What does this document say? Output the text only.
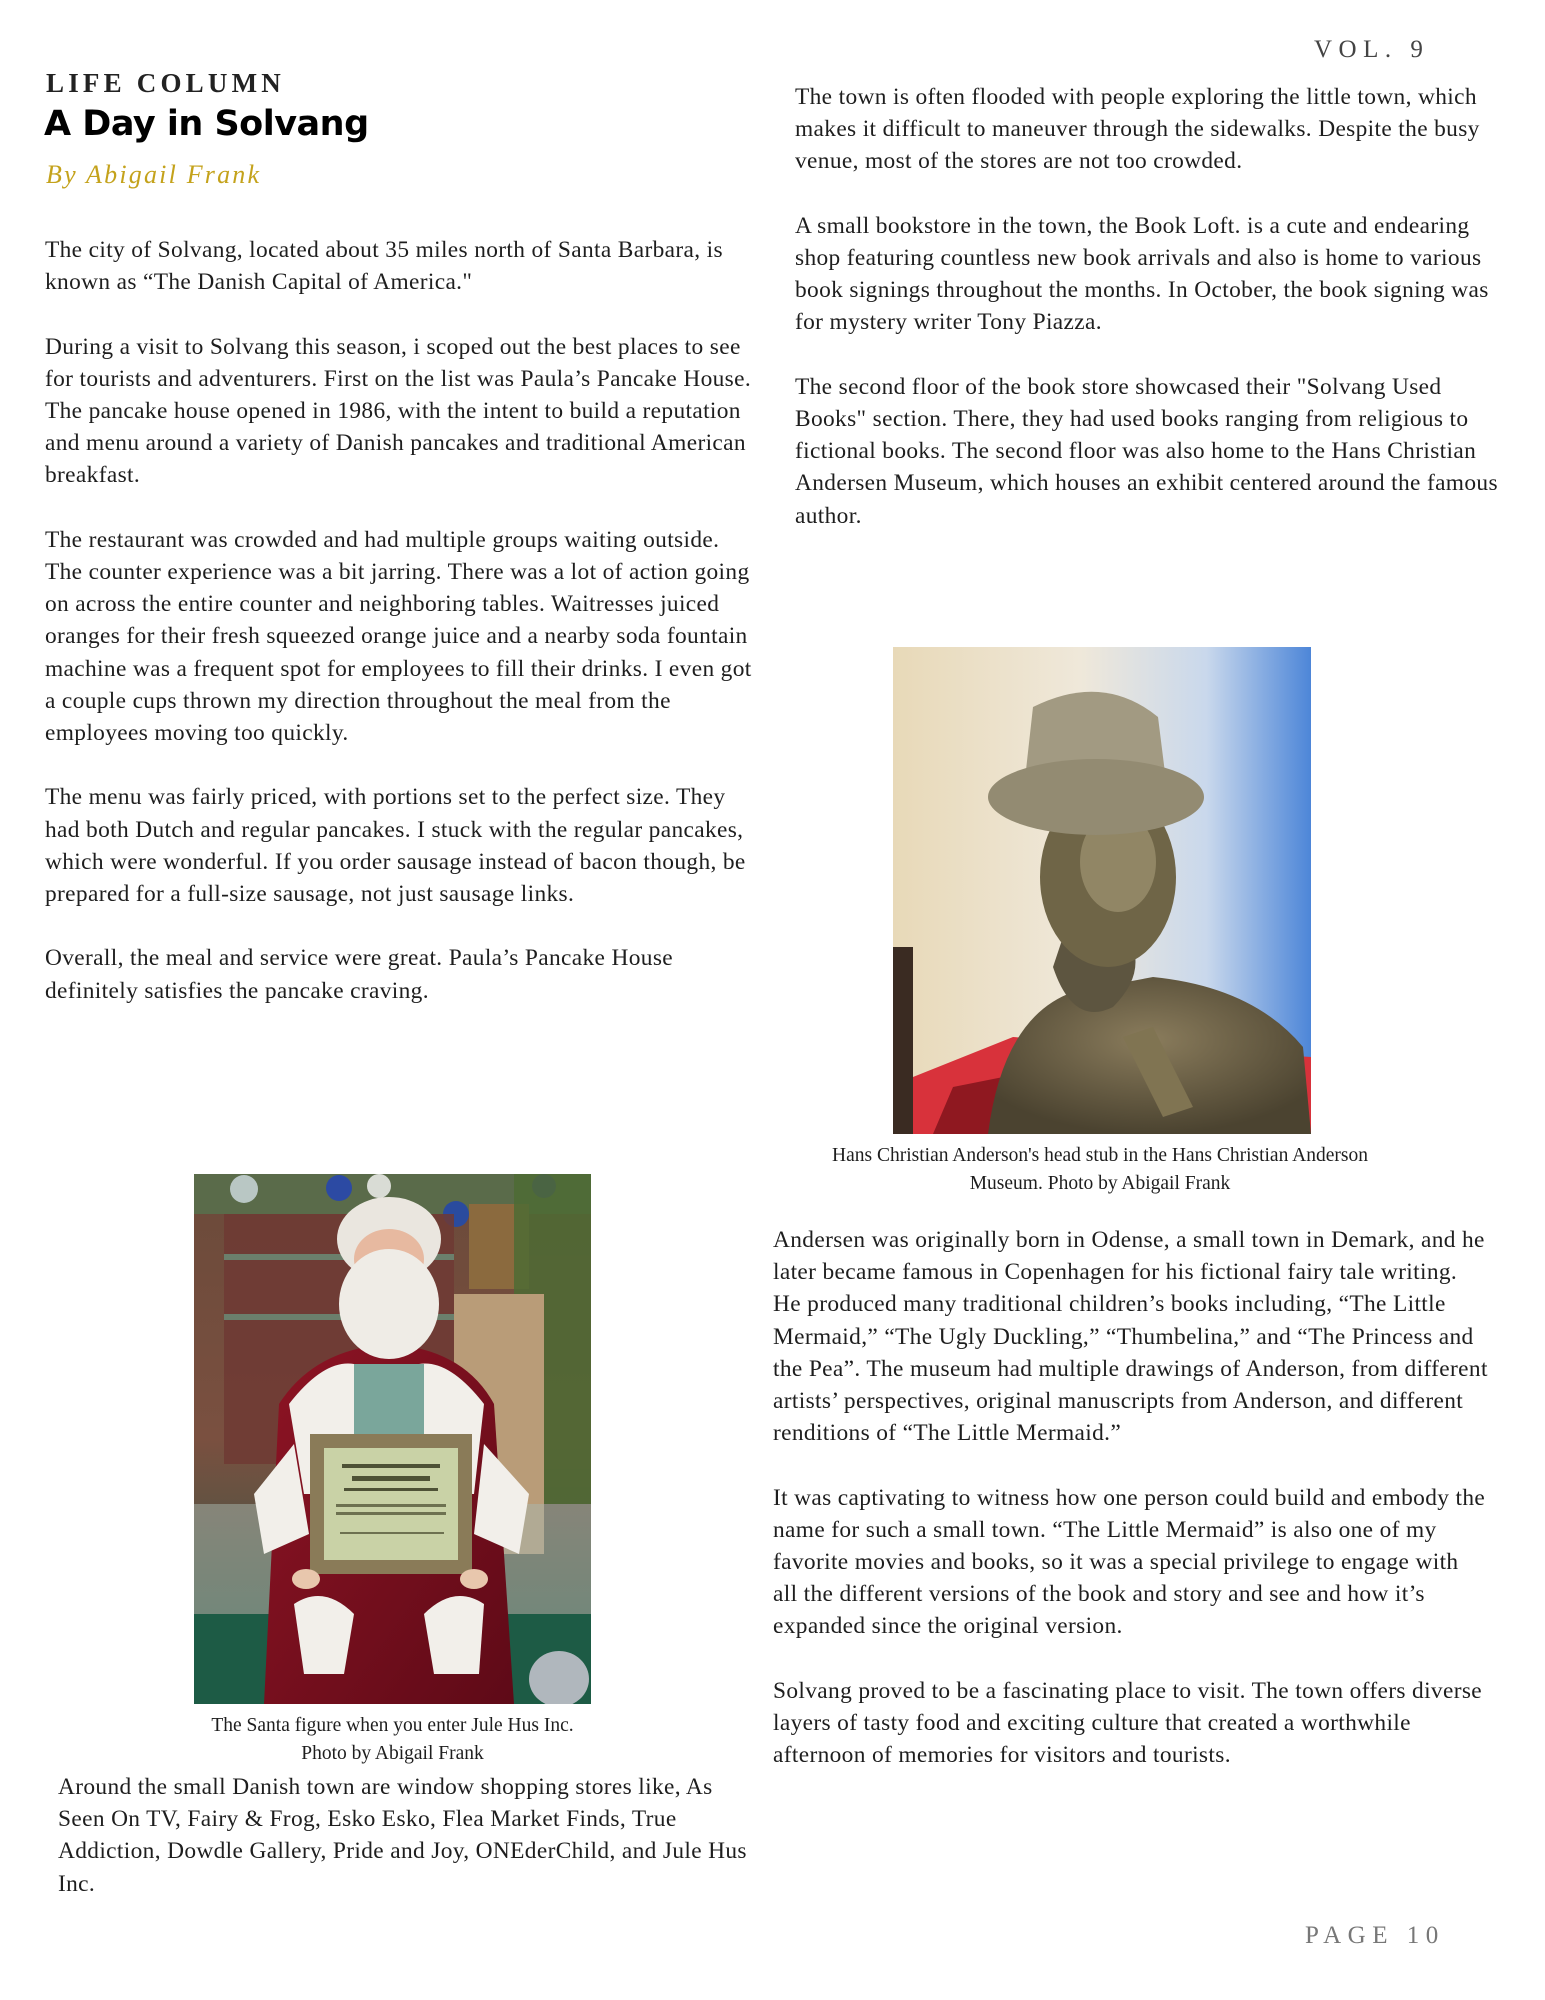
VOL. 9
LIFE COLUMN
A Day in Solvang
By Abigail Frank

The city of Solvang, located about 35 miles north of Santa Barbara, is known as “The Danish Capital of America."

During a visit to Solvang this season, i scoped out the best places to see for tourists and adventurers. First on the list was Paula’s Pancake House. The pancake house opened in 1986, with the intent to build a reputation and menu around a variety of Danish pancakes and traditional American breakfast.

The restaurant was crowded and had multiple groups waiting outside. The counter experience was a bit jarring. There was a lot of action going on across the entire counter and neighboring tables. Waitresses juiced oranges for their fresh squeezed orange juice and a nearby soda fountain machine was a frequent spot for employees to fill their drinks. I even got a couple cups thrown my direction throughout the meal from the employees moving too quickly.

The menu was fairly priced, with portions set to the perfect size. They had both Dutch and regular pancakes. I stuck with the regular pancakes, which were wonderful. If you order sausage instead of bacon though, be prepared for a full-size sausage, not just sausage links.

Overall, the meal and service were great. Paula’s Pancake House definitely satisfies the pancake craving.

The Santa figure when you enter Jule Hus Inc.
Photo by Abigail Frank

Around the small Danish town are window shopping stores like, As Seen On TV, Fairy & Frog, Esko Esko, Flea Market Finds, True Addiction, Dowdle Gallery, Pride and Joy, ONEderChild, and Jule Hus Inc.

The town is often flooded with people exploring the little town, which makes it difficult to maneuver through the sidewalks. Despite the busy venue, most of the stores are not too crowded.

A small bookstore in the town, the Book Loft. is a cute and endearing shop featuring countless new book arrivals and also is home to various book signings throughout the months. In October, the book signing was for mystery writer Tony Piazza.

The second floor of the book store showcased their "Solvang Used Books" section. There, they had used books ranging from religious to fictional books. The second floor was also home to the Hans Christian Andersen Museum, which houses an exhibit centered around the famous author.

Hans Christian Anderson's head stub in the Hans Christian Anderson
Museum. Photo by Abigail Frank

Andersen was originally born in Odense, a small town in Demark, and he later became famous in Copenhagen for his fictional fairy tale writing. He produced many traditional children’s books including, “The Little Mermaid,” “The Ugly Duckling,” “Thumbelina,” and “The Princess and the Pea”. The museum had multiple drawings of Anderson, from different artists’ perspectives, original manuscripts from Anderson, and different renditions of “The Little Mermaid.”

It was captivating to witness how one person could build and embody the name for such a small town. “The Little Mermaid” is also one of my favorite movies and books, so it was a special privilege to engage with all the different versions of the book and story and see and how it’s expanded since the original version.

Solvang proved to be a fascinating place to visit. The town offers diverse layers of tasty food and exciting culture that created a worthwhile afternoon of memories for visitors and tourists.

PAGE 10
